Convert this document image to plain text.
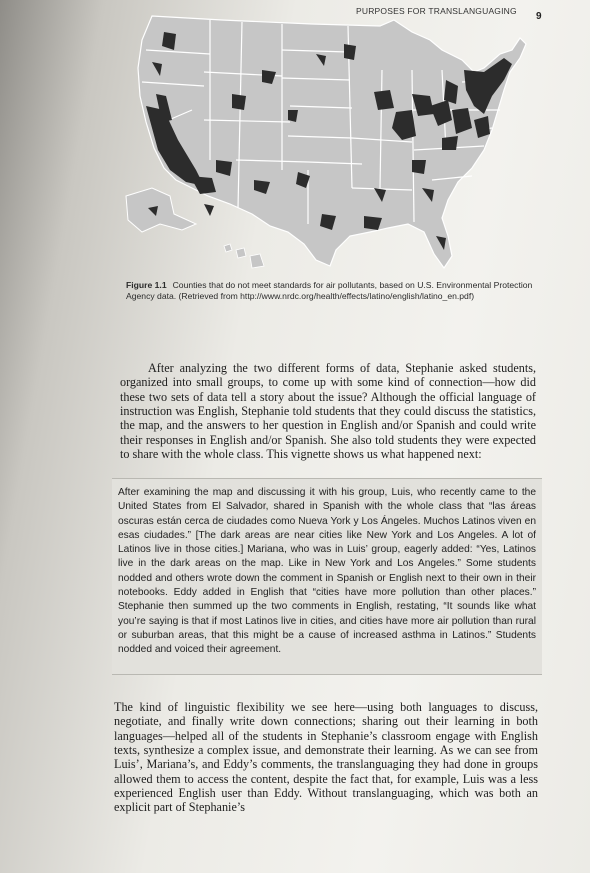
PURPOSES FOR TRANSLANGUAGING 9
Figure 1.1 Counties that do not meet standards for air pollutants, based on U.S. Environmental Protection Agency data. (Retrieved from http://www.nrdc.org/health/effects/latino/english/latino_en.pdf)

After analyzing the two different forms of data, Stephanie asked students, organized into small groups, to come up with some kind of connection—how did these two sets of data tell a story about the issue? Although the official language of instruction was English, Stephanie told students that they could discuss the statistics, the map, and the answers to her question in English and/or Spanish and could write their responses in English and/or Spanish. She also told students they were expected to share with the whole class. This vignette shows us what happened next:

After examining the map and discussing it with his group, Luis, who recently came to the United States from El Salvador, shared in Spanish with the whole class that “las áreas oscuras están cerca de ciudades como Nueva York y Los Ángeles. Muchos Latinos viven en esas ciudades.” [The dark areas are near cities like New York and Los Angeles. A lot of Latinos live in those cities.] Mariana, who was in Luis’ group, eagerly added: “Yes, Latinos live in the dark areas on the map. Like in New York and Los Angeles.” Some students nodded and others wrote down the comment in Spanish or English next to their own in their notebooks. Eddy added in English that “cities have more pollution than other places.” Stephanie then summed up the two comments in English, restating, “It sounds like what you’re saying is that if most Latinos live in cities, and cities have more air pollution than rural or suburban areas, that this might be a cause of increased asthma in Latinos.” Students nodded and voiced their agreement.

The kind of linguistic flexibility we see here—using both languages to discuss, negotiate, and finally write down connections; sharing out their learning in both languages—helped all of the students in Stephanie’s classroom engage with English texts, synthesize a complex issue, and demonstrate their learning. As we can see from Luis’, Mariana’s, and Eddy’s comments, the translanguaging they had done in groups allowed them to access the content, despite the fact that, for example, Luis was a less experienced English user than Eddy. Without translanguaging, which was both an explicit part of Stephanie’s
